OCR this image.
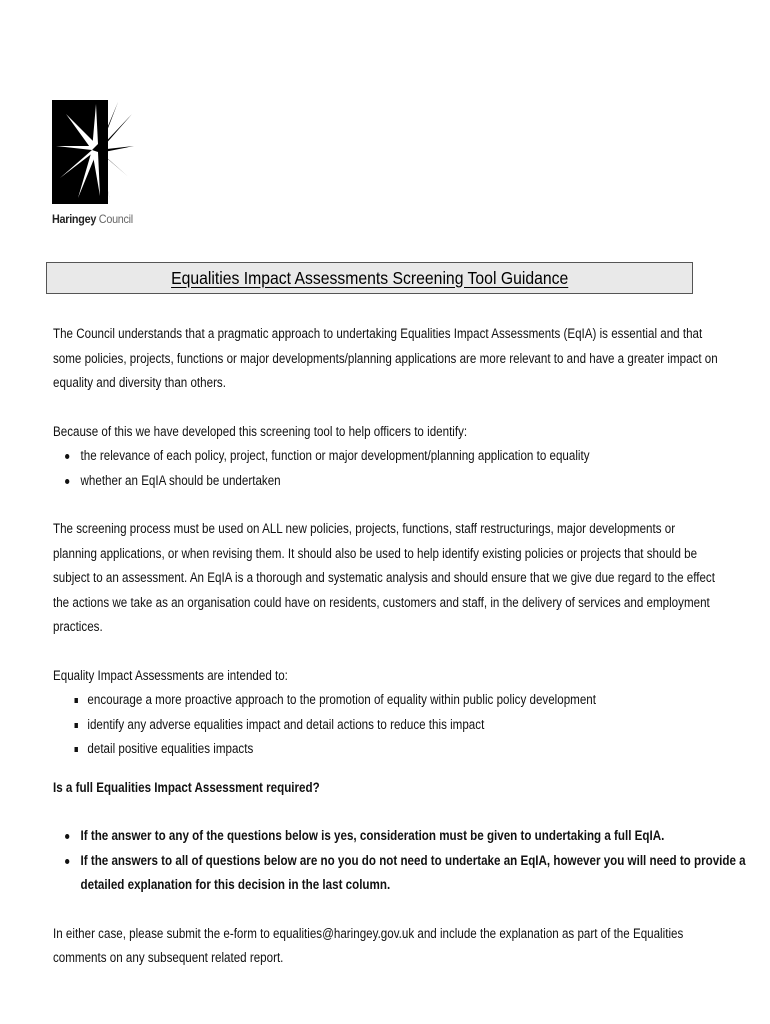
Haringey Council
Equalities Impact Assessments Screening Tool Guidance

The Council understands that a pragmatic approach to undertaking Equalities Impact Assessments (EqIA) is essential and that some policies, projects, functions or major developments/planning applications are more relevant to and have a greater impact on equality and diversity than others.

Because of this we have developed this screening tool to help officers to identify:

the relevance of each policy, project, function or major development/planning application to equality
whether an EqIA should be undertaken

The screening process must be used on ALL new policies, projects, functions, staff restructurings, major developments or planning applications, or when revising them. It should also be used to help identify existing policies or projects that should be subject to an assessment. An EqIA is a thorough and systematic analysis and should ensure that we give due regard to the effect the actions we take as an organisation could have on residents, customers and staff, in the delivery of services and employment practices.

Equality Impact Assessments are intended to:

encourage a more proactive approach to the promotion of equality within public policy development
identify any adverse equalities impact and detail actions to reduce this impact
detail positive equalities impacts

Is a full Equalities Impact Assessment required?

If the answer to any of the questions below is yes, consideration must be given to undertaking a full EqIA.
If the answers to all of questions below are no you do not need to undertake an EqIA, however you will need to provide a detailed explanation for this decision in the last column.

In either case, please submit the e-form to equalities@haringey.gov.uk and include the explanation as part of the Equalities comments on any subsequent related report.
